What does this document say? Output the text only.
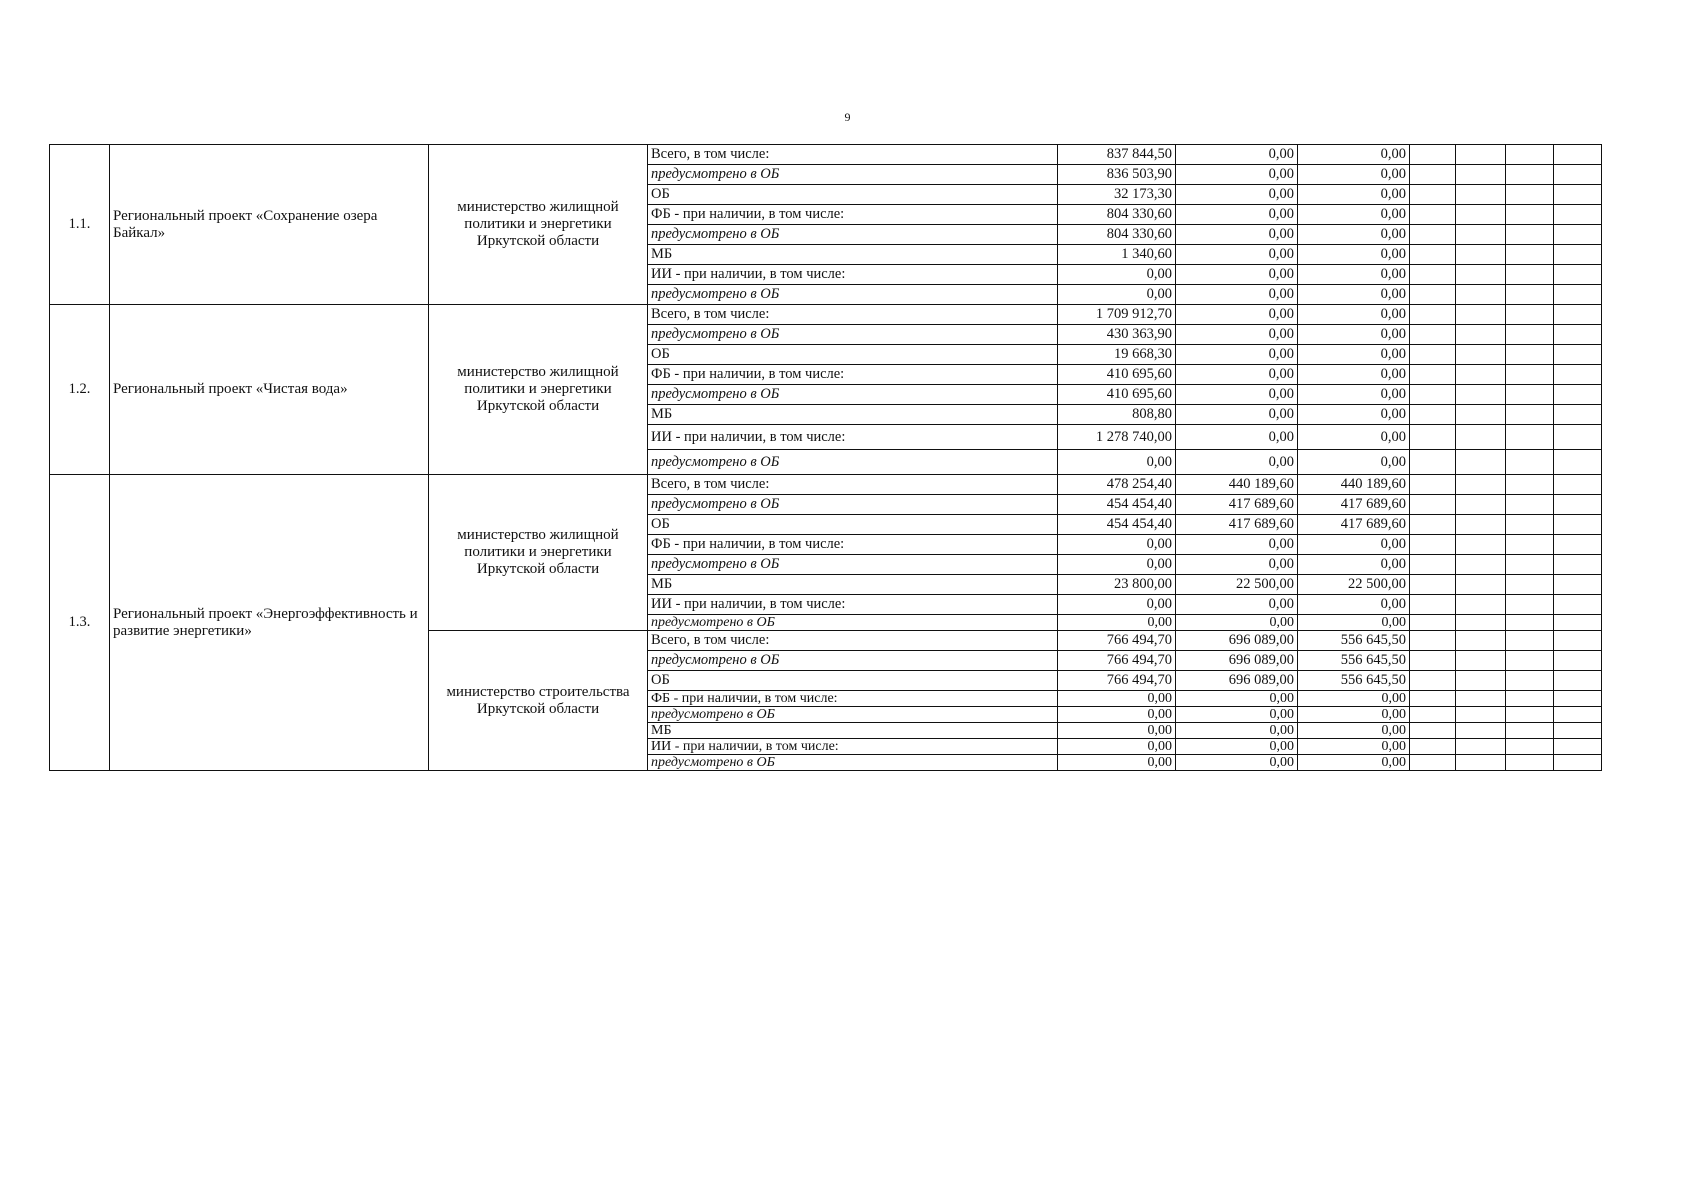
9
1.1.	Региональный проект «Сохранение озера Байкал»	министерство жилищной политики и энергетики Иркутской области	Всего, в том числе:	837 844,50	0,00	0,00				
			предусмотрено в ОБ	836 503,90	0,00	0,00				
			ОБ	32 173,30	0,00	0,00				
			ФБ - при наличии, в том числе:	804 330,60	0,00	0,00				
			предусмотрено в ОБ	804 330,60	0,00	0,00				
			МБ	1 340,60	0,00	0,00				
			ИИ - при наличии, в том числе:	0,00	0,00	0,00				
			предусмотрено в ОБ	0,00	0,00	0,00				
1.2.	Региональный проект «Чистая вода»	министерство жилищной политики и энергетики Иркутской области	Всего, в том числе:	1 709 912,70	0,00	0,00				
			предусмотрено в ОБ	430 363,90	0,00	0,00				
			ОБ	19 668,30	0,00	0,00				
			ФБ - при наличии, в том числе:	410 695,60	0,00	0,00				
			предусмотрено в ОБ	410 695,60	0,00	0,00				
			МБ	808,80	0,00	0,00				
			ИИ - при наличии, в том числе:	1 278 740,00	0,00	0,00				
			предусмотрено в ОБ	0,00	0,00	0,00				
1.3.	Региональный проект «Энергоэффективность и развитие энергетики»	министерство жилищной политики и энергетики Иркутской области	Всего, в том числе:	478 254,40	440 189,60	440 189,60				
			предусмотрено в ОБ	454 454,40	417 689,60	417 689,60				
			ОБ	454 454,40	417 689,60	417 689,60				
			ФБ - при наличии, в том числе:	0,00	0,00	0,00				
			предусмотрено в ОБ	0,00	0,00	0,00				
			МБ	23 800,00	22 500,00	22 500,00				
			ИИ - при наличии, в том числе:	0,00	0,00	0,00				
			предусмотрено в ОБ	0,00	0,00	0,00				
		министерство строительства Иркутской области	Всего, в том числе:	766 494,70	696 089,00	556 645,50				
			предусмотрено в ОБ	766 494,70	696 089,00	556 645,50				
			ОБ	766 494,70	696 089,00	556 645,50				
			ФБ - при наличии, в том числе:	0,00	0,00	0,00				
			предусмотрено в ОБ	0,00	0,00	0,00				
			МБ	0,00	0,00	0,00				
			ИИ - при наличии, в том числе:	0,00	0,00	0,00				
			предусмотрено в ОБ	0,00	0,00	0,00				
